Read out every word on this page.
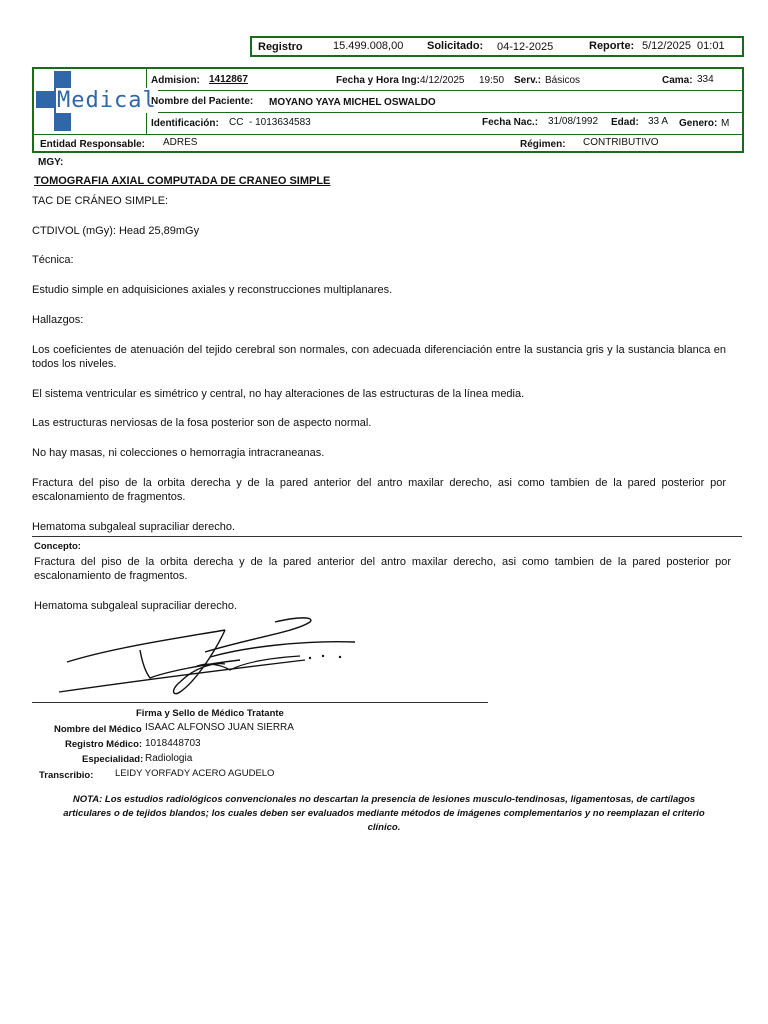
Registro	15.499.008,00 Solicitado: 04-12-2025	Reporte: 5/12/2025  01:01
Medical
Admision: 1412867	Fecha y Hora Ing: 4/12/2025 19:50 Serv.: Básicos	Cama: 334
Nombre del Paciente: MOYANO YAYA MICHEL OSWALDO
Identificación: CC  - 1013634583	Fecha Nac.: 31/08/1992 Edad: 33 A Genero: M
Entidad Responsable: ADRES	Régimen: CONTRIBUTIVO
MGY:
TOMOGRAFIA AXIAL COMPUTADA DE CRANEO SIMPLE
TAC DE CRÁNEO SIMPLE:
CTDIVOL (mGy): Head 25,89mGy
Técnica:
Estudio simple en adquisiciones axiales y reconstrucciones multiplanares.
Hallazgos:
Los coeficientes de atenuación del tejido cerebral son normales, con adecuada diferenciación entre la sustancia gris y la sustancia blanca en todos los niveles.
El sistema ventricular es simétrico y central, no hay alteraciones de las estructuras de la línea media.
Las estructuras nerviosas de la fosa posterior son de aspecto normal.
No hay masas, ni colecciones o hemorragia intracraneanas.
Fractura del piso de la orbita derecha y de la pared anterior del antro maxilar derecho, asi como tambien de la pared posterior por escalonamiento de fragmentos.
Hematoma subgaleal supraciliar derecho.
Concepto:
Fractura del piso de la orbita derecha y de la pared anterior del antro maxilar derecho, asi como tambien de la pared posterior por escalonamiento de fragmentos.
Hematoma subgaleal supraciliar derecho.
Firma y Sello de Médico Tratante
Nombre del Médico ISAAC ALFONSO JUAN SIERRA
Registro Médico: 1018448703
Especialidad: Radiologia
Transcribio: LEIDY YORFADY ACERO AGUDELO
NOTA: Los estudios radiológicos convencionales no descartan la presencia de lesiones musculo-tendinosas, ligamentosas, de cartílagos articulares o de tejidos blandos; los cuales deben ser evaluados mediante métodos de imágenes complementarios y no reemplazan el criterio clínico.
